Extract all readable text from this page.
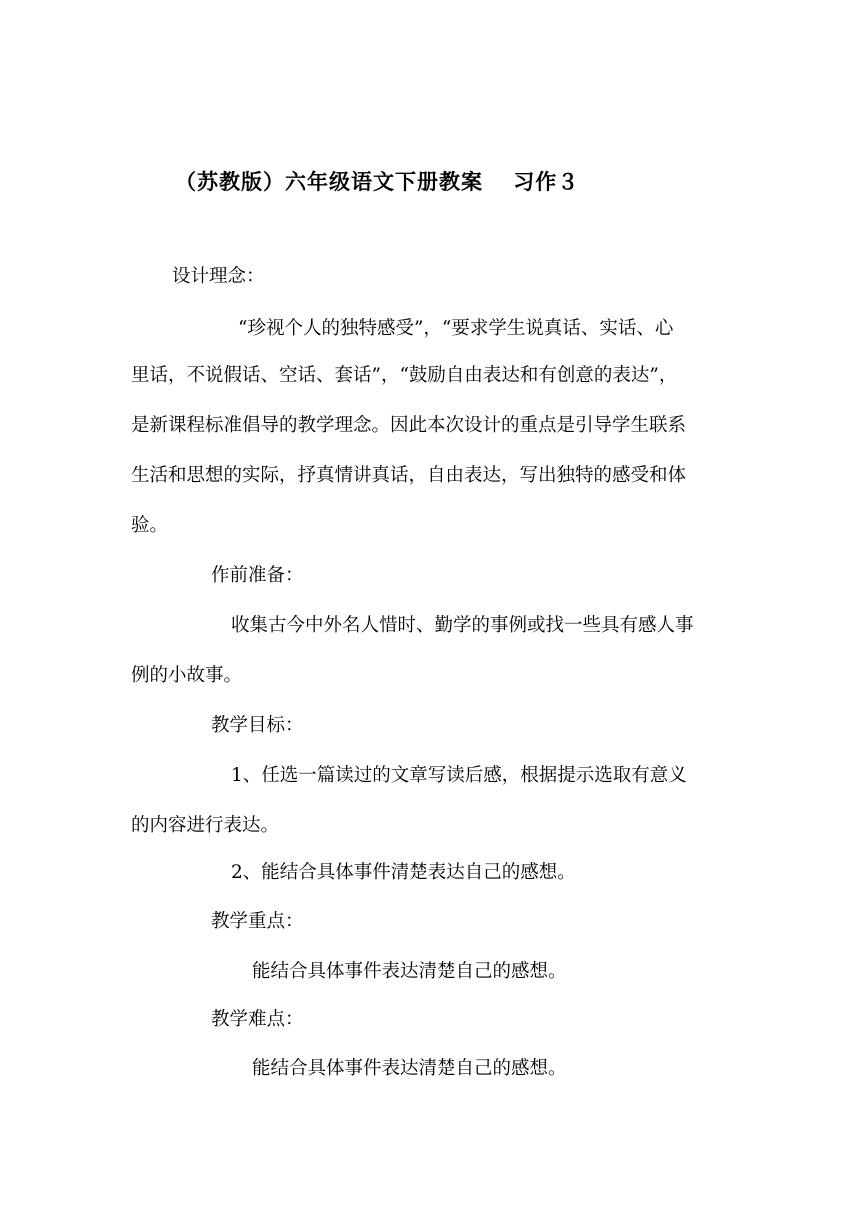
（苏教版）六年级语文下册教案　 习作３

设计理念：

“珍视个人的独特感受”，“要求学生说真话、实话、心

里话，不说假话、空话、套话”，“鼓励自由表达和有创意的表达”，

是新课程标准倡导的教学理念。因此本次设计的重点是引导学生联系

生活和思想的实际，抒真情讲真话，自由表达，写出独特的感受和体

验。

作前准备：

收集古今中外名人惜时、勤学的事例或找一些具有感人事

例的小故事。

教学目标：

1、任选一篇读过的文章写读后感，根据提示选取有意义

的内容进行表达。

2、能结合具体事件清楚表达自己的感想。

教学重点：

能结合具体事件表达清楚自己的感想。

教学难点：

能结合具体事件表达清楚自己的感想。
